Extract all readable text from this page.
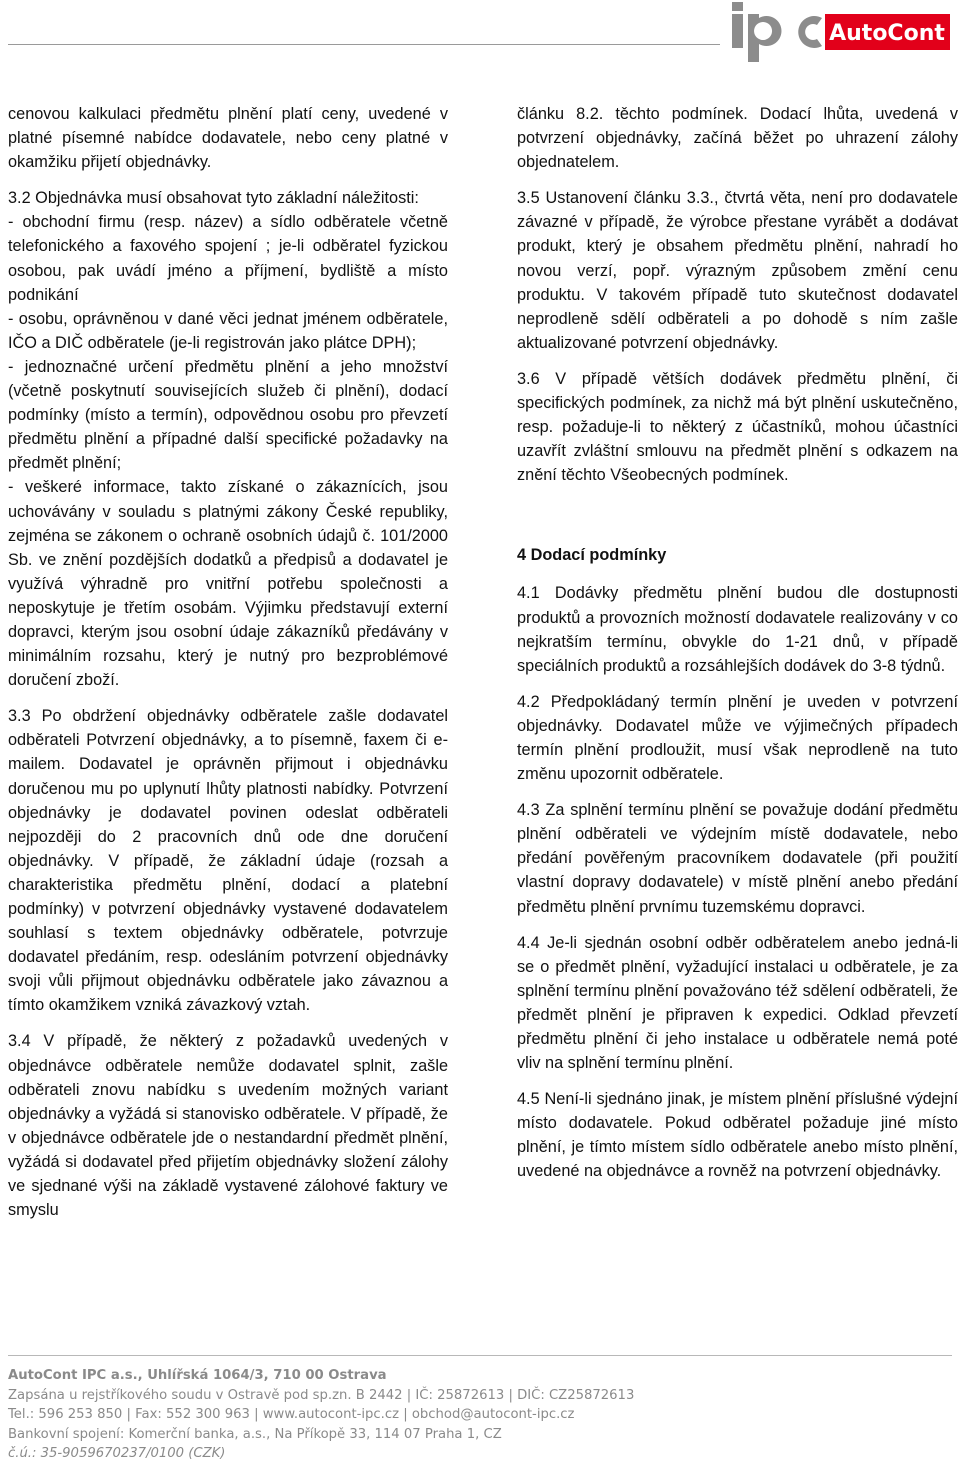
AutoCont

cenovou kalkulaci předmětu plnění platí ceny, uvedené v platné písemné nabídce dodavatele, nebo ceny platné v okamžiku přijetí objednávky.

3.2 Objednávka musí obsahovat tyto základní náležitosti:

- obchodní firmu (resp. název) a sídlo odběratele včetně telefonického a faxového spojení ; je-li odběratel fyzickou osobou, pak uvádí jméno a příjmení, bydliště a místo podnikání

- osobu, oprávněnou v dané věci jednat jménem odběratele, IČO a DIČ odběratele (je-li registrován jako plátce DPH);

- jednoznačné určení předmětu plnění a jeho množství (včetně poskytnutí souvisejících služeb či plnění), dodací podmínky (místo a termín), odpovědnou osobu pro převzetí předmětu plnění a případné další specifické požadavky na předmět plnění;

- veškeré informace, takto získané o zákaznících, jsou uchovávány v souladu s platnými zákony České republiky, zejména se zákonem o ochraně osobních údajů č. 101/2000 Sb. ve znění pozdějších dodatků a předpisů a dodavatel je využívá výhradně pro vnitřní potřebu společnosti a neposkytuje je třetím osobám. Výjimku představují externí dopravci, kterým jsou osobní údaje zákazníků předávány v minimálním rozsahu, který je nutný pro bezproblémové doručení zboží.

3.3 Po obdržení objednávky odběratele zašle dodavatel odběrateli Potvrzení objednávky, a to písemně, faxem či e-mailem. Dodavatel je oprávněn přijmout i objednávku doručenou mu po uplynutí lhůty platnosti nabídky. Potvrzení objednávky je dodavatel povinen odeslat odběrateli nejpozději do 2 pracovních dnů ode dne doručení objednávky. V případě, že základní údaje (rozsah a charakteristika předmětu plnění, dodací a platební podmínky) v potvrzení objednávky vystavené dodavatelem souhlasí s textem objednávky odběratele, potvrzuje dodavatel předáním, resp. odesláním potvrzení objednávky svoji vůli přijmout objednávku odběratele jako závaznou a tímto okamžikem vzniká závazkový vztah.

3.4 V případě, že některý z požadavků uvedených v objednávce odběratele nemůže dodavatel splnit, zašle odběrateli znovu nabídku s uvedením možných variant objednávky a vyžádá si stanovisko odběratele. V případě, že v objednávce odběratele jde o nestandardní předmět plnění, vyžádá si dodavatel před přijetím objednávky složení zálohy ve sjednané výši na základě vystavené zálohové faktury ve smyslu

článku 8.2. těchto podmínek. Dodací lhůta, uvedená v potvrzení objednávky, začíná běžet po uhrazení zálohy objednatelem.

3.5 Ustanovení článku 3.3., čtvrtá věta, není pro dodavatele závazné v případě, že výrobce přestane vyrábět a dodávat produkt, který je obsahem předmětu plnění, nahradí ho novou verzí, popř. výrazným způsobem změní cenu produktu. V takovém případě tuto skutečnost dodavatel neprodleně sdělí odběrateli a po dohodě s ním zašle aktualizované potvrzení objednávky.

3.6 V případě větších dodávek předmětu plnění, či specifických podmínek, za nichž má být plnění uskutečněno, resp. požaduje-li to některý z účastníků, mohou účastníci uzavřít zvláštní smlouvu na předmět plnění s odkazem na znění těchto Všeobecných podmínek.

4 Dodací podmínky

4.1 Dodávky předmětu plnění budou dle dostupnosti produktů a provozních možností dodavatele realizovány v co nejkratším termínu, obvykle do 1-21 dnů, v případě speciálních produktů a rozsáhlejších dodávek do 3-8 týdnů.

4.2 Předpokládaný termín plnění je uveden v potvrzení objednávky. Dodavatel může ve výjimečných případech termín plnění prodloužit, musí však neprodleně na tuto změnu upozornit odběratele.

4.3 Za splnění termínu plnění se považuje dodání předmětu plnění odběrateli ve výdejním místě dodavatele, nebo předání pověřeným pracovníkem dodavatele (při použití vlastní dopravy dodavatele) v místě plnění anebo předání předmětu plnění prvnímu tuzemskému dopravci.

4.4 Je-li sjednán osobní odběr odběratelem anebo jedná-li se o předmět plnění, vyžadující instalaci u odběratele, je za splnění termínu plnění považováno též sdělení odběrateli, že předmět plnění je připraven k expedici. Odklad převzetí předmětu plnění či jeho instalace u odběratele nemá poté vliv na splnění termínu plnění.

4.5 Není-li sjednáno jinak, je místem plnění příslušné výdejní místo dodavatele. Pokud odběratel požaduje jiné místo plnění, je tímto místem sídlo odběratele anebo místo plnění, uvedené na objednávce a rovněž na potvrzení objednávky.

AutoCont IPC a.s., Uhlířská 1064/3, 710 00 Ostrava
Zapsána u rejstříkového soudu v Ostravě pod sp.zn. B 2442 | IČ: 25872613 | DIČ: CZ25872613
Tel.: 596 253 850 | Fax: 552 300 963 | www.autocont-ipc.cz | obchod@autocont-ipc.cz
Bankovní spojení: Komerční banka, a.s., Na Příkopě 33, 114 07 Praha 1, CZ
č.ú.: 35-9059670237/0100 (CZK)
